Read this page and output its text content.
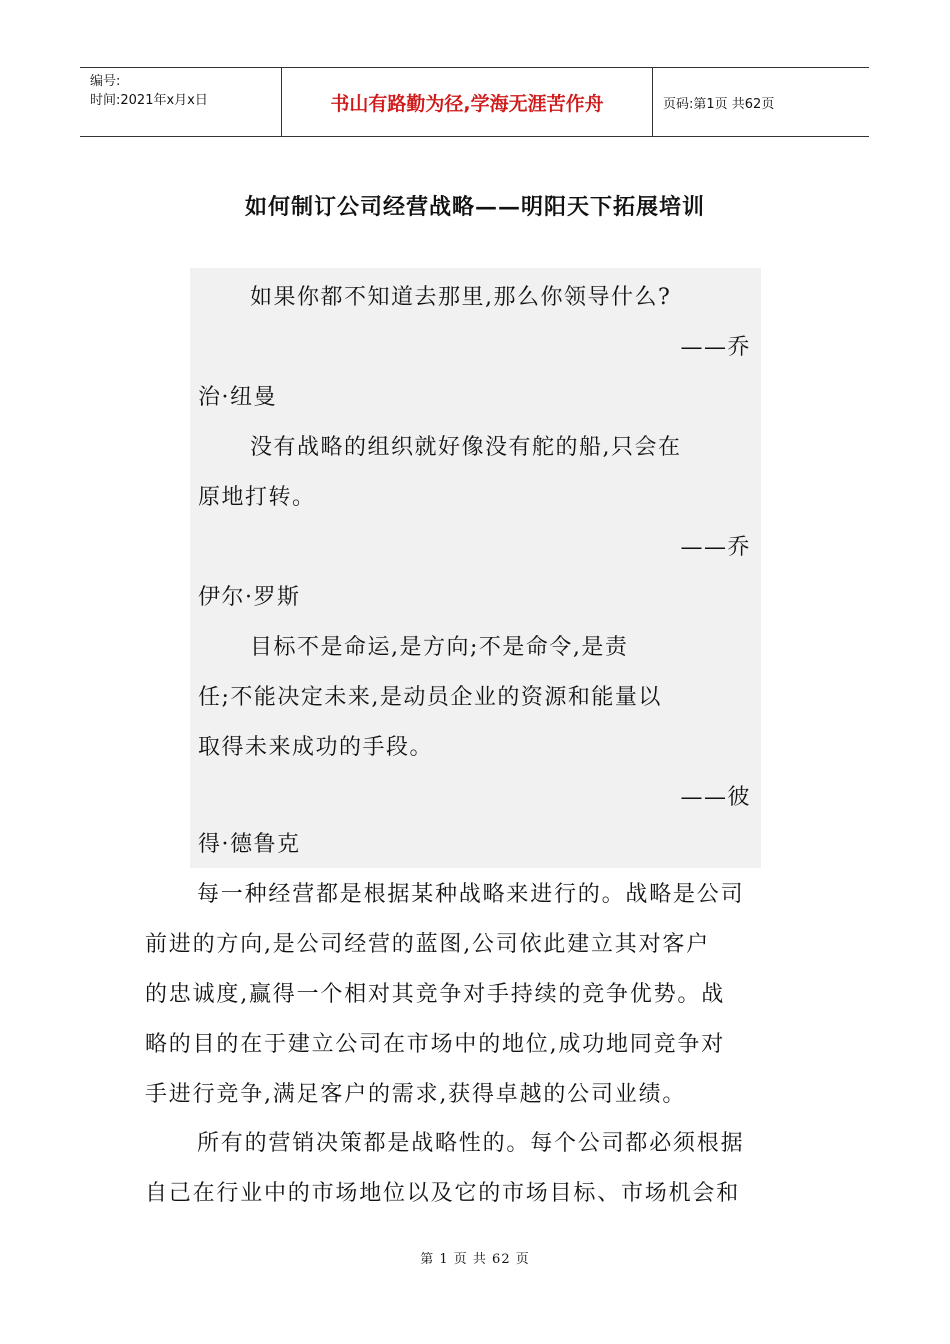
编号:
时间:2021年x月x日	书山有路勤为径,学海无涯苦作舟	页码:第1页 共62页
如何制订公司经营战略——明阳天下拓展培训
如果你都不知道去那里,那么你领导什么?
——乔
治·纽曼
没有战略的组织就好像没有舵的船,只会在
原地打转。
——乔
伊尔·罗斯
目标不是命运,是方向;不是命令,是责
任;不能决定未来,是动员企业的资源和能量以
取得未来成功的手段。
——彼
得·德鲁克
每一种经营都是根据某种战略来进行的。战略是公司
前进的方向,是公司经营的蓝图,公司依此建立其对客户
的忠诚度,赢得一个相对其竞争对手持续的竞争优势。战
略的目的在于建立公司在市场中的地位,成功地同竞争对
手进行竞争,满足客户的需求,获得卓越的公司业绩。
所有的营销决策都是战略性的。每个公司都必须根据
自己在行业中的市场地位以及它的市场目标、市场机会和
第 1 页 共 62 页
